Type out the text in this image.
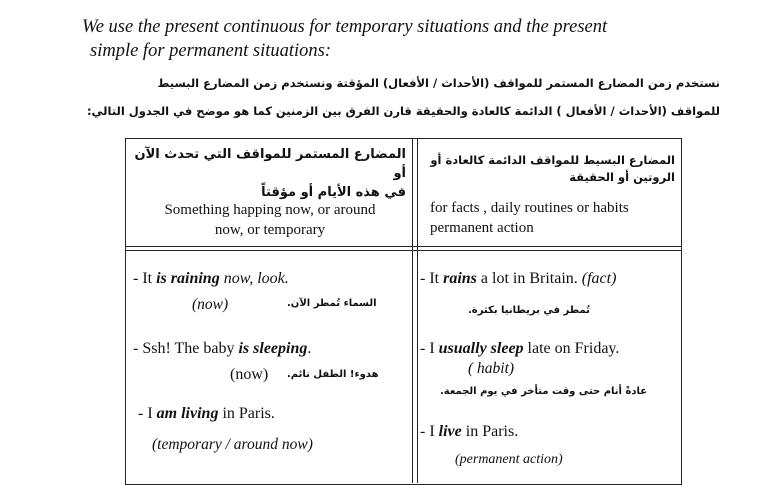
We use the present continuous for temporary situations and the present
simple for permanent situations:
نستخدم زمن المضارع المستمر للمواقف (الأحداث / الأفعال) المؤقتة ونستخدم زمن المضارع البسيط
للمواقف (الأحداث / الأفعال ) الدائمة كالعادة والحقيقة قارن الفرق بين الزمنين كما هو موضح في الجدول التالي:
المضارع المستمر للمواقف التي تحدث الآن أو
في هذه الأيام أو مؤقتاً
Something happing now, or around
now, or temporary
المضارع البسيط للمواقف الدائمة كالعادة أو
الروتين أو الحقيقة
for facts , daily routines or habits
permanent action
- It is raining now, look.
(now)	السماء تُمطر الآن.
- Ssh! The baby is sleeping.
(now) هدوء! الطفل نائم.
- I am living in Paris.
(temporary / around now)
- It rains a lot in Britain. (fact)
تُمطر في بريطانيا بكثرة.
- I usually sleep late on Friday.
( habit)
عادةً أنام حتى وقت متأخر في يوم الجمعة.
- I live in Paris.
(permanent action)
